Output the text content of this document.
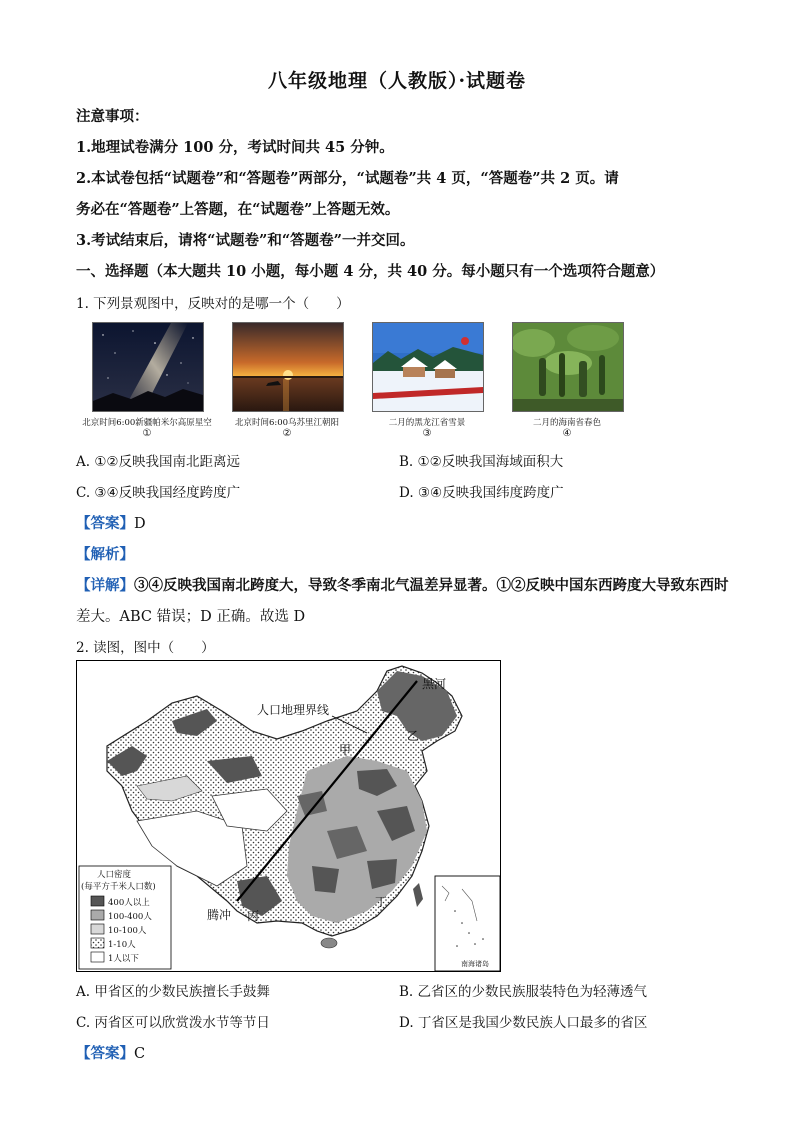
八年级地理（人教版）·试题卷
注意事项：
1.地理试卷满分 100 分，考试时间共 45 分钟。
2.本试卷包括“试题卷”和“答题卷”两部分，“试题卷”共 4 页，“答题卷”共 2 页。请
务必在“答题卷”上答题，在“试题卷”上答题无效。
3.考试结束后，请将“试题卷”和“答题卷”一并交回。
一、选择题（本大题共 10 小题，每小题 4 分，共 40 分。每小题只有一个选项符合题意）
1. 下列景观图中，反映对的是哪一个（　　）
北京时间6:00新疆帕米尔高原星空
①
北京时间6:00乌苏里江朝阳
②
二月的黑龙江省雪景
③
二月的海南省春色
④
A. ①②反映我国南北距离远	B. ①②反映我国海域面积大
C. ③④反映我国经度跨度广	D. ③④反映我国纬度跨度广
【答案】D
【解析】
【详解】③④反映我国南北跨度大，导致冬季南北气温差异显著。①②反映中国东西跨度大导致东西时
差大。ABC 错误；D 正确。故选 D
2. 读图，图中（　　）
人口地理界线
黑河
腾冲
甲
乙
丙
丁
人口密度
(每平方千米人口数)
400人以上
100-400人
10-100人
1-10人
1人以下	南海诸岛
A. 甲省区的少数民族擅长手鼓舞	B. 乙省区的少数民族服装特色为轻薄透气
C. 丙省区可以欣赏泼水节等节日	D. 丁省区是我国少数民族人口最多的省区
【答案】C
